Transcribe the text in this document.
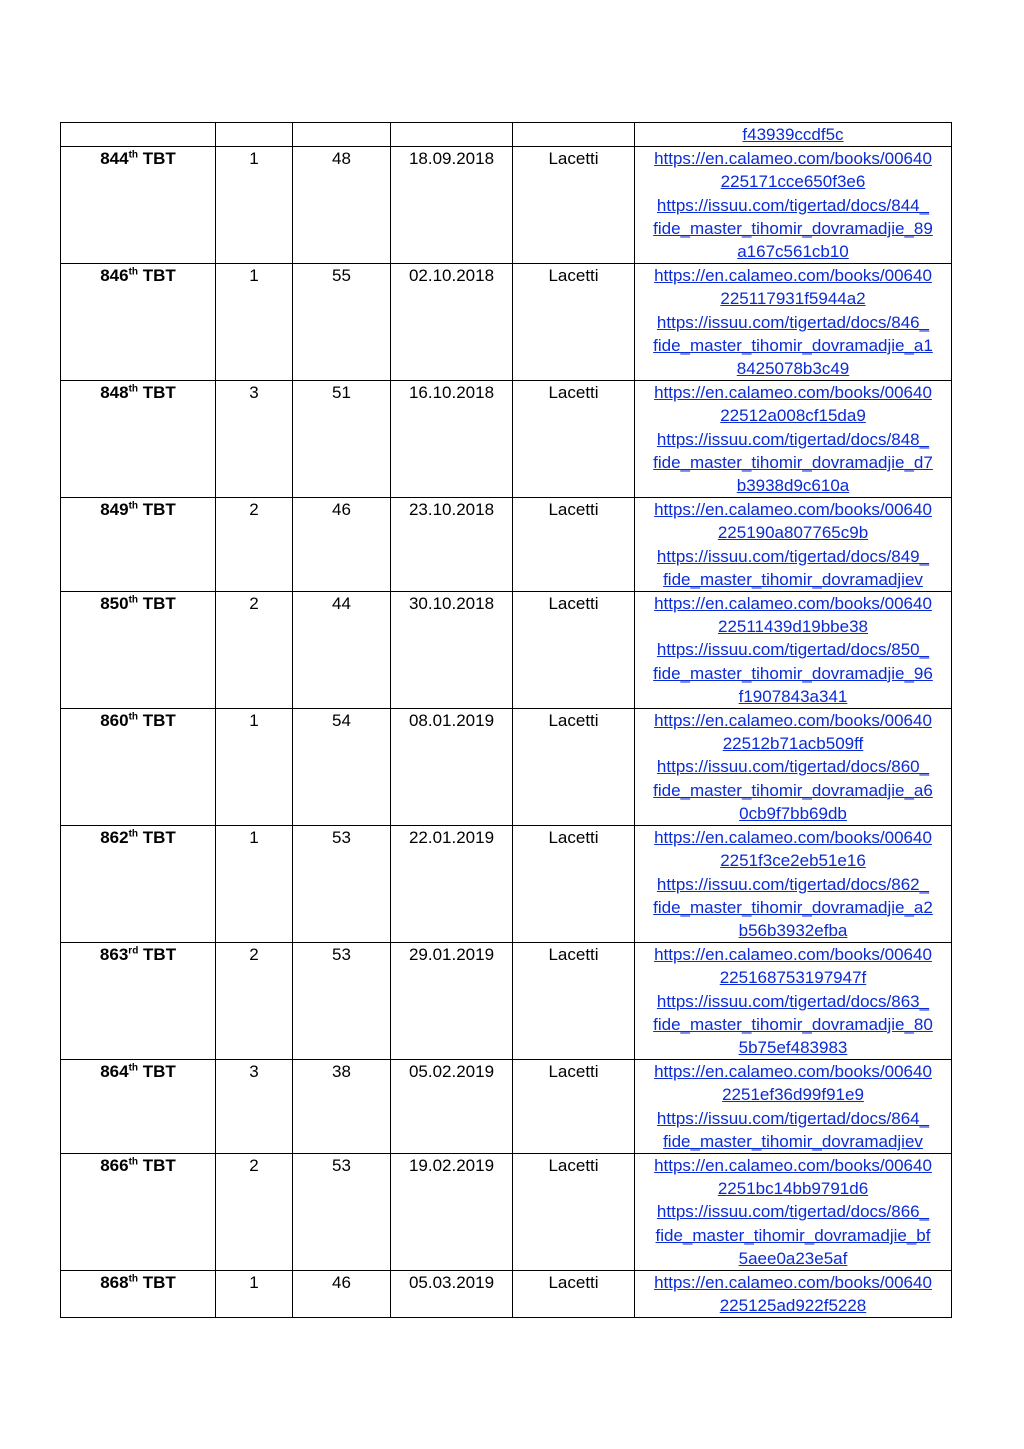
					f43939ccdf5c

844th TBT	1	48	18.09.2018	Lacetti	https://en.calameo.com/books/00640
225171cce650f3e6
https://issuu.com/tigertad/docs/844_
fide_master_tihomir_dovramadjie_89
a167c561cb10

846th TBT	1	55	02.10.2018	Lacetti	https://en.calameo.com/books/00640
225117931f5944a2
https://issuu.com/tigertad/docs/846_
fide_master_tihomir_dovramadjie_a1
8425078b3c49

848th TBT	3	51	16.10.2018	Lacetti	https://en.calameo.com/books/00640
22512a008cf15da9
https://issuu.com/tigertad/docs/848_
fide_master_tihomir_dovramadjie_d7
b3938d9c610a

849th TBT	2	46	23.10.2018	Lacetti	https://en.calameo.com/books/00640
225190a807765c9b
https://issuu.com/tigertad/docs/849_
fide_master_tihomir_dovramadjiev

850th TBT	2	44	30.10.2018	Lacetti	https://en.calameo.com/books/00640
22511439d19bbe38
https://issuu.com/tigertad/docs/850_
fide_master_tihomir_dovramadjie_96
f1907843a341

860th TBT	1	54	08.01.2019	Lacetti	https://en.calameo.com/books/00640
22512b71acb509ff
https://issuu.com/tigertad/docs/860_
fide_master_tihomir_dovramadjie_a6
0cb9f7bb69db

862th TBT	1	53	22.01.2019	Lacetti	https://en.calameo.com/books/00640
2251f3ce2eb51e16
https://issuu.com/tigertad/docs/862_
fide_master_tihomir_dovramadjie_a2
b56b3932efba

863rd TBT	2	53	29.01.2019	Lacetti	https://en.calameo.com/books/00640
225168753197947f
https://issuu.com/tigertad/docs/863_
fide_master_tihomir_dovramadjie_80
5b75ef483983

864th TBT	3	38	05.02.2019	Lacetti	https://en.calameo.com/books/00640
2251ef36d99f91e9
https://issuu.com/tigertad/docs/864_
fide_master_tihomir_dovramadjiev

866th TBT	2	53	19.02.2019	Lacetti	https://en.calameo.com/books/00640
2251bc14bb9791d6
https://issuu.com/tigertad/docs/866_
fide_master_tihomir_dovramadjie_bf
5aee0a23e5af

868th TBT	1	46	05.03.2019	Lacetti	https://en.calameo.com/books/00640
225125ad922f5228
